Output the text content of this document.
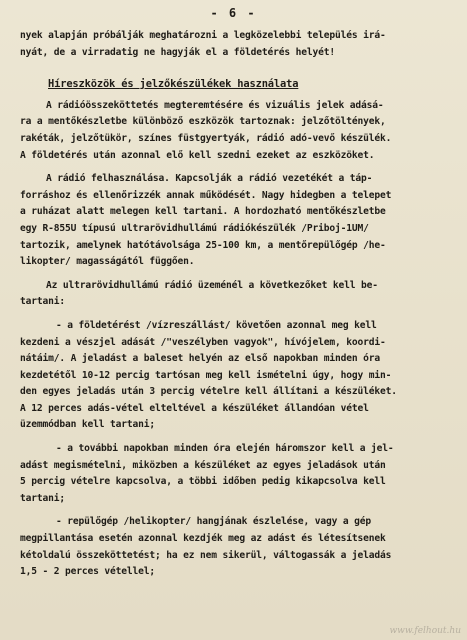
- 6 -
nyek alapján próbálják meghatározni a legközelebbi település irá-
nyát, de a virradatig ne hagyják el a földetérés helyét!
Híreszközök és jelzőkészülékek használata
A rádióösszeköttetés megteremtésére és vizuális jelek adásá-
ra a mentőkészletbe különböző eszközök tartoznak: jelzőtöltények,
rakéták, jelzőtükör, színes füstgyertyák, rádió adó-vevő készülék.
A földetérés után azonnal elő kell szedni ezeket az eszközöket.
A rádió felhasználása. Kapcsolják a rádió vezetékét a táp-
forráshoz és ellenőrizzék annak működését. Nagy hidegben a telepet
a ruházat alatt melegen kell tartani. A hordozható mentőkészletbe
egy R-855U típusú ultrarövidhullámú rádiókészülék /Priboj-1UM/
tartozik, amelynek hatótávolsága 25-100 km, a mentőrepülőgép /he-
likopter/ magasságától függően.
Az ultrarövidhullámú rádió üzeménél a következőket kell be-
tartani:
- a földetérést /vízreszállást/ követően azonnal meg kell
kezdeni a vészjel adását /"veszélyben vagyok", hívójelem, koordi-
nátáim/. A jeladást a baleset helyén az első napokban minden óra
kezdetétől 10-12 percig tartósan meg kell ismételni úgy, hogy min-
den egyes jeladás után 3 percig vételre kell állítani a készüléket.
A 12 perces adás-vétel elteltével a készüléket állandóan vétel
üzemmódban kell tartani;
- a további napokban minden óra elején háromszor kell a jel-
adást megismételni, miközben a készüléket az egyes jeladások után
5 percig vételre kapcsolva, a többi időben pedig kikapcsolva kell
tartani;
- repülőgép /helikopter/ hangjának észlelése, vagy a gép
megpillantása esetén azonnal kezdjék meg az adást és létesítsenek
kétoldalú összeköttetést; ha ez nem sikerül, váltogassák a jeladás
1,5 - 2 perces vétellel;
www.felhout.hu
